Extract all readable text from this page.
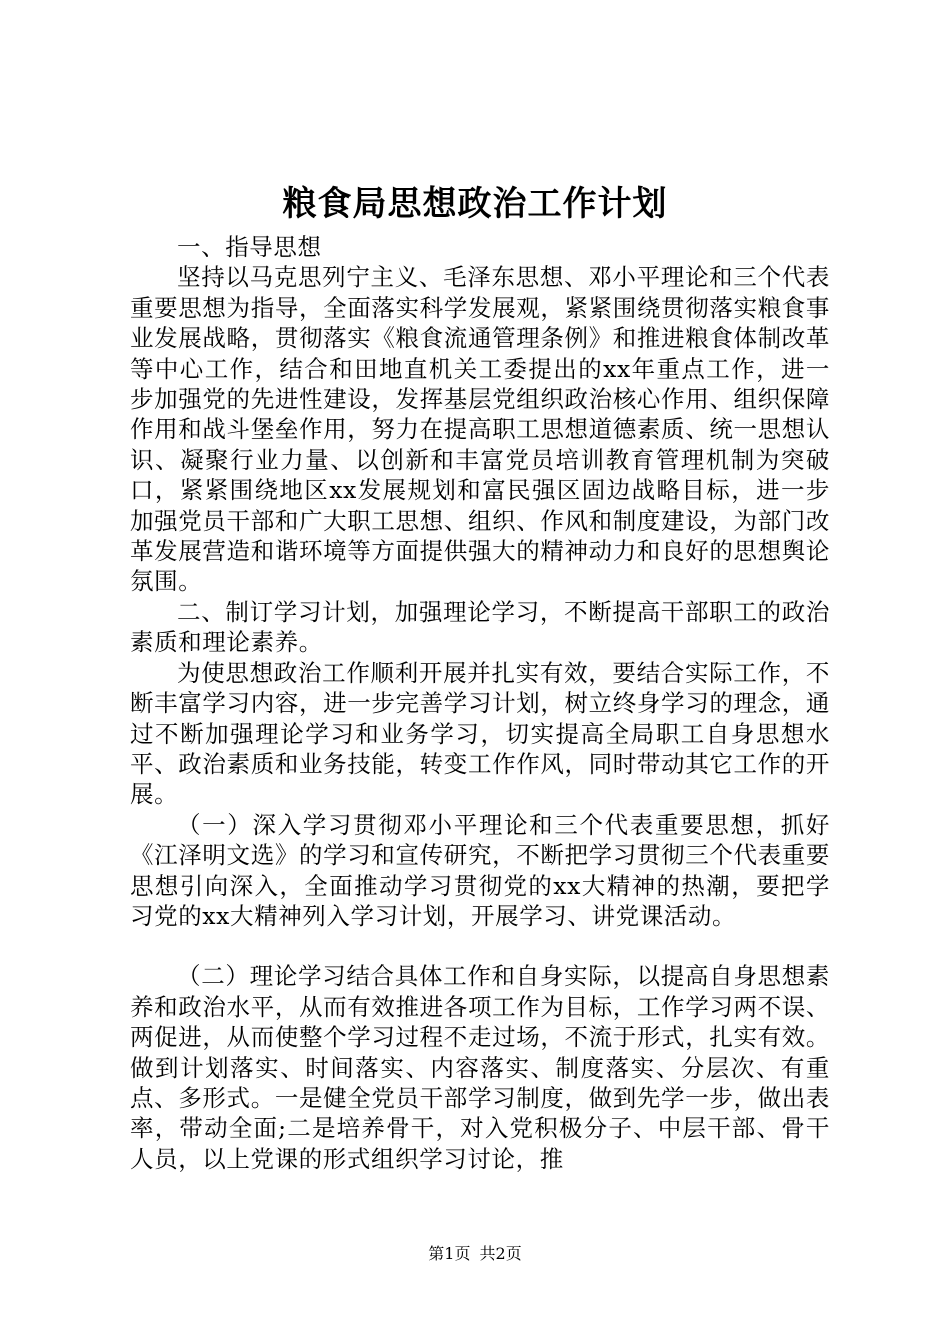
粮食局思想政治工作计划

一、指导思想

坚持以马克思列宁主义、毛泽东思想、邓小平理论和三个代表重要思想为指导，全面落实科学发展观，紧紧围绕贯彻落实粮食事业发展战略，贯彻落实《粮食流通管理条例》和推进粮食体制改革等中心工作，结合和田地直机关工委提出的xx年重点工作，进一步加强党的先进性建设，发挥基层党组织政治核心作用、组织保障作用和战斗堡垒作用，努力在提高职工思想道德素质、统一思想认识、凝聚行业力量、以创新和丰富党员培训教育管理机制为突破口，紧紧围绕地区xx发展规划和富民强区固边战略目标，进一步加强党员干部和广大职工思想、组织、作风和制度建设，为部门改革发展营造和谐环境等方面提供强大的精神动力和良好的思想舆论氛围。

二、制订学习计划，加强理论学习，不断提高干部职工的政治素质和理论素养。

为使思想政治工作顺利开展并扎实有效，要结合实际工作，不断丰富学习内容，进一步完善学习计划，树立终身学习的理念，通过不断加强理论学习和业务学习，切实提高全局职工自身思想水平、政治素质和业务技能，转变工作作风，同时带动其它工作的开展。

（一）深入学习贯彻邓小平理论和三个代表重要思想，抓好《江泽明文选》的学习和宣传研究，不断把学习贯彻三个代表重要思想引向深入，全面推动学习贯彻党的xx大精神的热潮，要把学习党的xx大精神列入学习计划，开展学习、讲党课活动。

（二）理论学习结合具体工作和自身实际，以提高自身思想素养和政治水平，从而有效推进各项工作为目标，工作学习两不误、两促进，从而使整个学习过程不走过场，不流于形式，扎实有效。做到计划落实、时间落实、内容落实、制度落实、分层次、有重点、多形式。一是健全党员干部学习制度，做到先学一步，做出表率，带动全面;二是培养骨干，对入党积极分子、中层干部、骨干人员，以上党课的形式组织学习讨论，推

第1页 共2页
